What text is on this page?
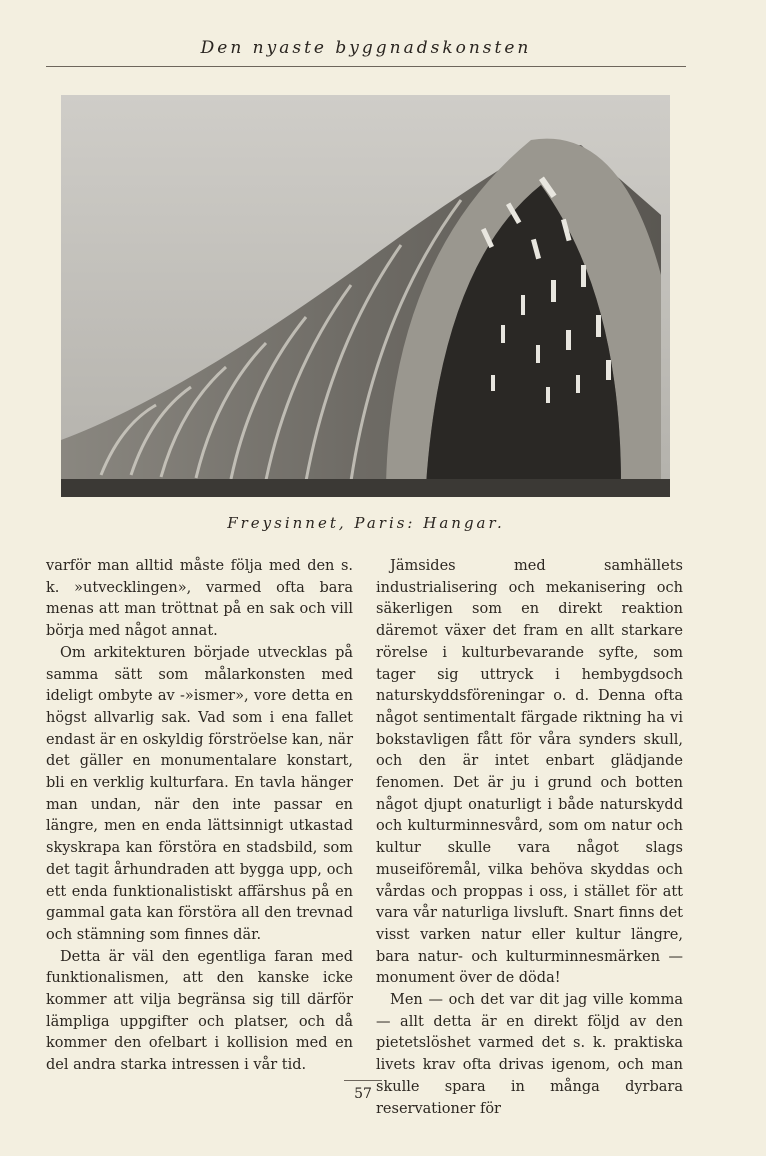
Den nyaste byggnadskonsten
Freysinnet, Paris: Hangar.

varför man alltid måste följa med den s. k. »utvecklingen», varmed ofta bara menas att man tröttnat på en sak och vill börja med något annat.

Om arkitekturen började utvecklas på samma sätt som målarkonsten med ideligt ombyte av -»ismer», vore detta en högst allvarlig sak. Vad som i ena fallet endast är en oskyldig förströelse kan, när det gäller en monumentalare konstart, bli en verklig kulturfara. En tavla hänger man undan, när den inte passar en längre, men en enda lättsinnigt utkastad skyskrapa kan förstöra en stadsbild, som det tagit århundraden att bygga upp, och ett enda funktionalistiskt affärshus på en gammal gata kan förstöra all den trevnad och stämning som finnes där.

Detta är väl den egentliga faran med funktionalismen, att den kanske icke kommer att vilja begränsa sig till därför lämpliga uppgifter och platser, och då kommer den ofelbart i kollision med en del andra starka intressen i vår tid.

Jämsides med samhällets industrialisering och mekanisering och säkerligen som en direkt reaktion däremot växer det fram en allt starkare rörelse i kulturbevarande syfte, som tager sig uttryck i hembygdsoch naturskyddsföreningar o. d. Denna ofta något sentimentalt färgade riktning ha vi bokstavligen fått för våra synders skull, och den är intet enbart glädjande fenomen. Det är ju i grund och botten något djupt onaturligt i både naturskydd och kulturminnesvård, som om natur och kultur skulle vara något slags museiföremål, vilka behöva skyddas och vårdas och proppas i oss, i stället för att vara vår naturliga livsluft. Snart finns det visst varken natur eller kultur längre, bara natur- och kulturminnesmärken — monument över de döda!

Men — och det var dit jag ville komma — allt detta är en direkt följd av den pietetslöshet varmed det s. k. praktiska livets krav ofta drivas igenom, och man skulle spara in många dyrbara reservationer för

57
